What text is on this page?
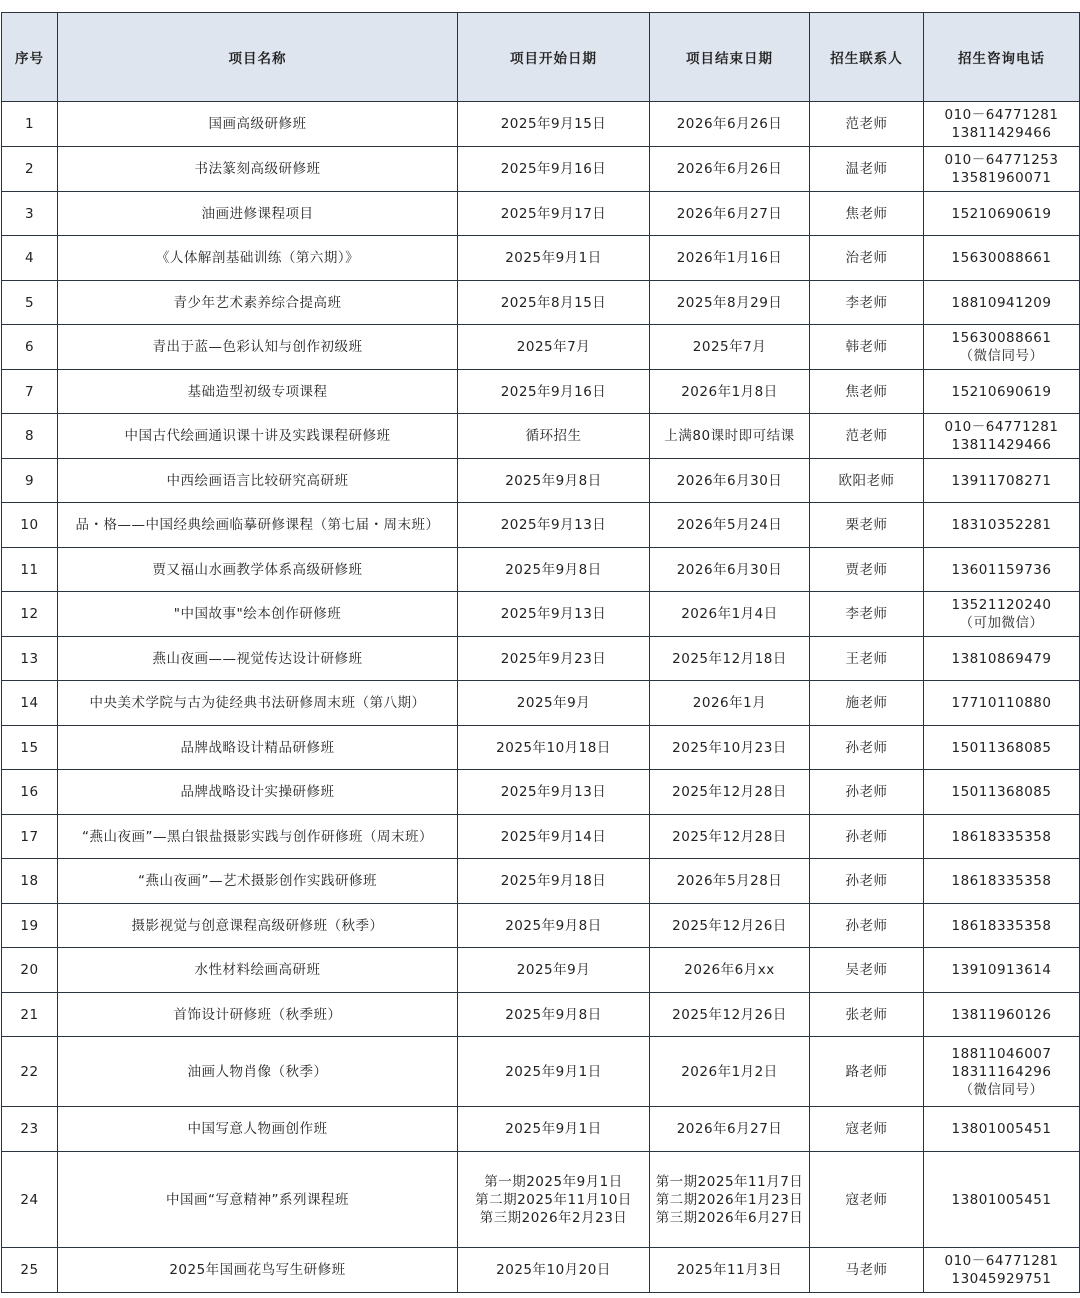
序号	项目名称	项目开始日期	项目结束日期	招生联系人	招生咨询电话
1	国画高级研修班	2025年9月15日	2026年6月26日	范老师	010－64771281
13811429466

2	书法篆刻高级研修班	2025年9月16日	2026年6月26日	温老师	010－64771253
13581960071

3	油画进修课程项目	2025年9月17日	2026年6月27日	焦老师	15210690619

4	《人体解剖基础训练（第六期）》	2025年9月1日	2026年1月16日	治老师	15630088661

5	青少年艺术素养综合提高班	2025年8月15日	2025年8月29日	李老师	18810941209

6	青出于蓝—色彩认知与创作初级班	2025年7月	2025年7月	韩老师	15630088661
（微信同号）

7	基础造型初级专项课程	2025年9月16日	2026年1月8日	焦老师	15210690619

8	中国古代绘画通识课十讲及实践课程研修班	循环招生	上满80课时即可结课	范老师	010－64771281
13811429466

9	中西绘画语言比较研究高研班	2025年9月8日	2026年6月30日	欧阳老师	13911708271

10	品・格——中国经典绘画临摹研修课程（第七届・周末班）	2025年9月13日	2026年5月24日	栗老师	18310352281

11	贾又福山水画教学体系高级研修班	2025年9月8日	2026年6月30日	贾老师	13601159736

12	"中国故事"绘本创作研修班	2025年9月13日	2026年1月4日	李老师	13521120240
（可加微信）

13	燕山夜画——视觉传达设计研修班	2025年9月23日	2025年12月18日	王老师	13810869479

14	中央美术学院与古为徒经典书法研修周末班（第八期）	2025年9月	2026年1月	施老师	17710110880

15	品牌战略设计精品研修班	2025年10月18日	2025年10月23日	孙老师	15011368085

16	品牌战略设计实操研修班	2025年9月13日	2025年12月28日	孙老师	15011368085

17	“燕山夜画”—黑白银盐摄影实践与创作研修班（周末班）	2025年9月14日	2025年12月28日	孙老师	18618335358

18	“燕山夜画”—艺术摄影创作实践研修班	2025年9月18日	2026年5月28日	孙老师	18618335358

19	摄影视觉与创意课程高级研修班（秋季）	2025年9月8日	2025年12月26日	孙老师	18618335358

20	水性材料绘画高研班	2025年9月	2026年6月xx	吴老师	13910913614

21	首饰设计研修班（秋季班）	2025年9月8日	2025年12月26日	张老师	13811960126

22	油画人物肖像（秋季）	2025年9月1日	2026年1月2日	路老师	18811046007
18311164296
（微信同号）

23	中国写意人物画创作班	2025年9月1日	2026年6月27日	寇老师	13801005451

24	中国画“写意精神”系列课程班	第一期2025年9月1日
第二期2025年11月10日
第三期2026年2月23日	第一期2025年11月7日
第二期2026年1月23日
第三期2026年6月27日	寇老师	13801005451

25	2025年国画花鸟写生研修班	2025年10月20日	2025年11月3日	马老师	010－64771281
13045929751
